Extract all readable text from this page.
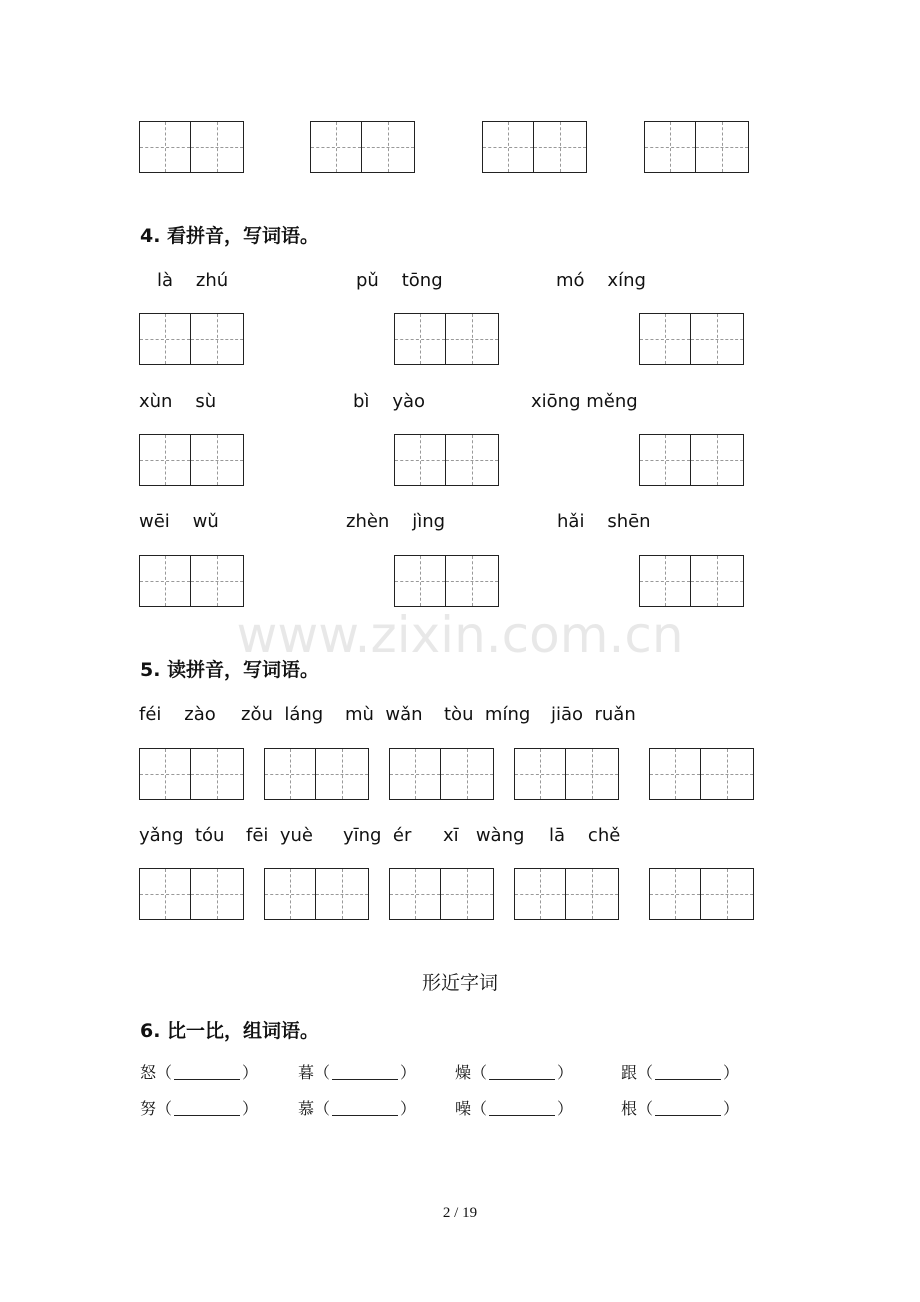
4. 看拼音，写词语。
là    zhú	pǔ    tōng	mó    xíng
xùn    sù	bì    yào	xiōng měng
wēi    wǔ	zhèn    jìng	hǎi    shēn
www.zixin.com.cn
5. 读拼音，写词语。
féi    zào zǒu  láng mù  wǎn tòu  míng jiāo  ruǎn
yǎng  tóu fēi  yuè yīng  ér xī   wàng lā    chě
形近字词
6. 比一比，组词语。
怒（	） 暮（	） 燥（	）	跟（	）
努（	） 慕（	） 噪（	）	根（	）
2 / 19
